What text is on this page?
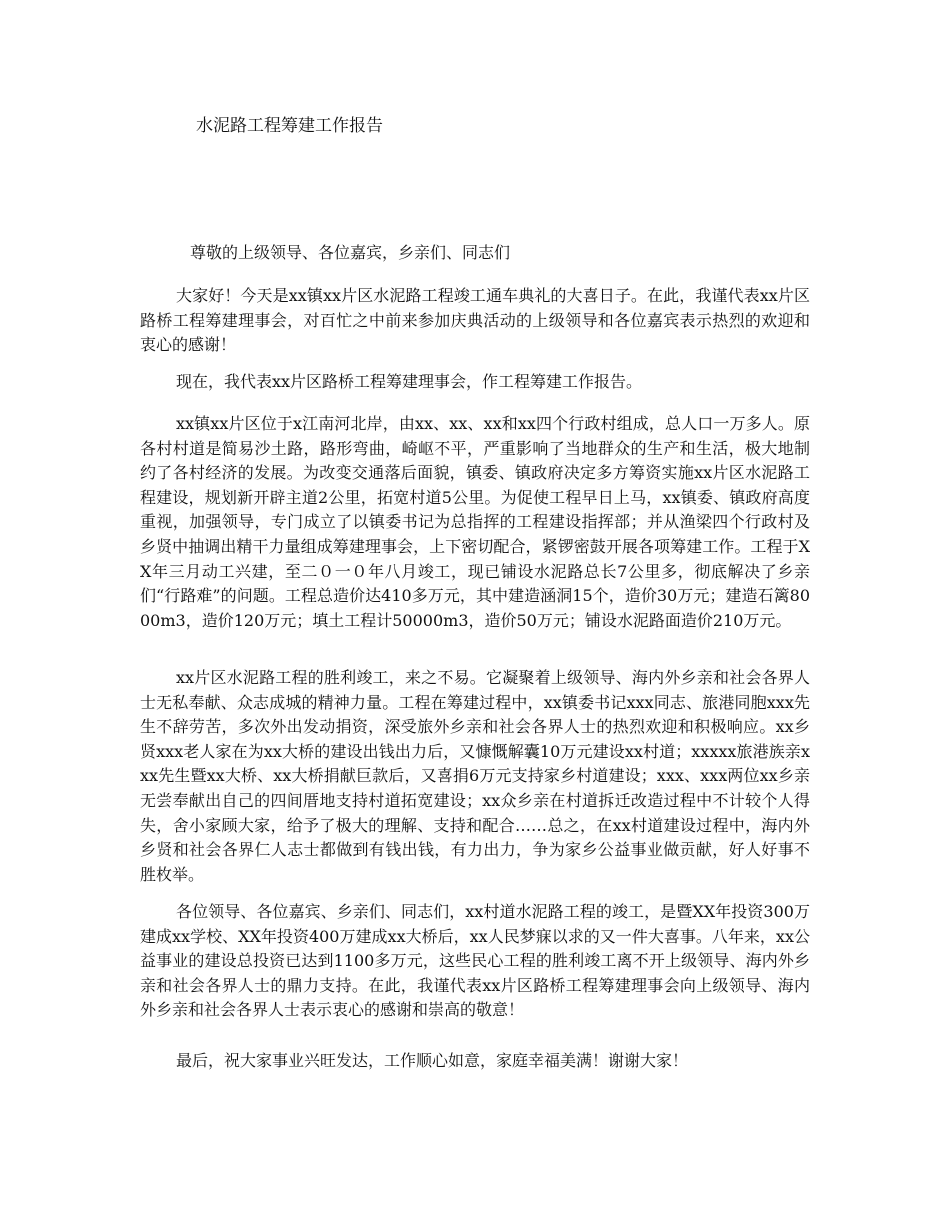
水泥路工程筹建工作报告

尊敬的上级领导、各位嘉宾，乡亲们、同志们

大家好！今天是xx镇xx片区水泥路工程竣工通车典礼的大喜日子。在此，我谨代表xx片区路桥工程筹建理事会，对百忙之中前来参加庆典活动的上级领导和各位嘉宾表示热烈的欢迎和衷心的感谢！

现在，我代表xx片区路桥工程筹建理事会，作工程筹建工作报告。

xx镇xx片区位于x江南河北岸，由xx、xx、xx和xx四个行政村组成，总人口一万多人。原各村村道是简易沙土路，路形弯曲，崎岖不平，严重影响了当地群众的生产和生活，极大地制约了各村经济的发展。为改变交通落后面貌，镇委、镇政府决定多方筹资实施xx片区水泥路工程建设，规划新开辟主道2公里，拓宽村道5公里。为促使工程早日上马，xx镇委、镇政府高度重视，加强领导，专门成立了以镇委书记为总指挥的工程建设指挥部；并从渔梁四个行政村及乡贤中抽调出精干力量组成筹建理事会，上下密切配合，紧锣密鼓开展各项筹建工作。工程于XX年三月动工兴建，至二０一０年八月竣工，现已铺设水泥路总长7公里多，彻底解决了乡亲们“行路难”的问题。工程总造价达410多万元，其中建造涵洞15个，造价30万元；建造石篱8000m3，造价120万元；填土工程计50000m3，造价50万元；铺设水泥路面造价210万元。

xx片区水泥路工程的胜利竣工，来之不易。它凝聚着上级领导、海内外乡亲和社会各界人士无私奉献、众志成城的精神力量。工程在筹建过程中，xx镇委书记xxx同志、旅港同胞xxx先生不辞劳苦，多次外出发动捐资，深受旅外乡亲和社会各界人士的热烈欢迎和积极响应。xx乡贤xxx老人家在为xx大桥的建设出钱出力后，又慷慨解囊10万元建设xx村道；xxxxx旅港族亲xxx先生暨xx大桥、xx大桥捐献巨款后，又喜捐6万元支持家乡村道建设；xxx、xxx两位xx乡亲无尝奉献出自己的四间厝地支持村道拓宽建设；xx众乡亲在村道拆迁改造过程中不计较个人得失，舍小家顾大家，给予了极大的理解、支持和配合……总之，在xx村道建设过程中，海内外乡贤和社会各界仁人志士都做到有钱出钱，有力出力，争为家乡公益事业做贡献，好人好事不胜枚举。

各位领导、各位嘉宾、乡亲们、同志们，xx村道水泥路工程的竣工，是暨XX年投资300万建成xx学校、XX年投资400万建成xx大桥后，xx人民梦寐以求的又一件大喜事。八年来，xx公益事业的建设总投资已达到1100多万元，这些民心工程的胜利竣工离不开上级领导、海内外乡亲和社会各界人士的鼎力支持。在此，我谨代表xx片区路桥工程筹建理事会向上级领导、海内外乡亲和社会各界人士表示衷心的感谢和崇高的敬意！

最后，祝大家事业兴旺发达，工作顺心如意，家庭幸福美满！谢谢大家！
